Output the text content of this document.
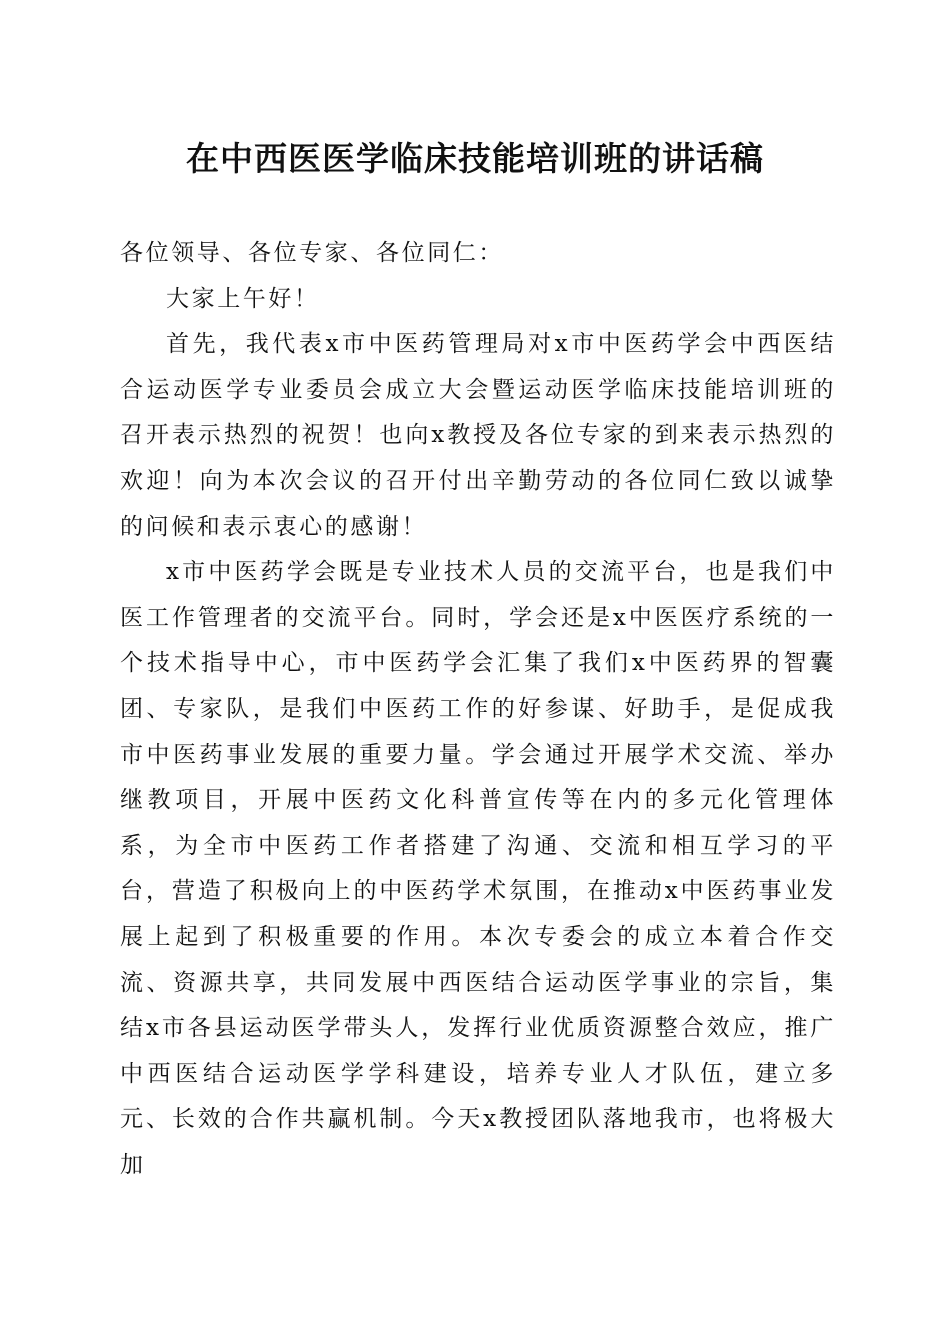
在中西医医学临床技能培训班的讲话稿

各位领导、各位专家、各位同仁：

大家上午好！

首先，我代表x市中医药管理局对x市中医药学会中西医结合运动医学专业委员会成立大会暨运动医学临床技能培训班的召开表示热烈的祝贺！也向x教授及各位专家的到来表示热烈的欢迎！向为本次会议的召开付出辛勤劳动的各位同仁致以诚挚的问候和表示衷心的感谢！

x市中医药学会既是专业技术人员的交流平台，也是我们中医工作管理者的交流平台。同时，学会还是x中医医疗系统的一个技术指导中心，市中医药学会汇集了我们x中医药界的智囊团、专家队，是我们中医药工作的好参谋、好助手，是促成我市中医药事业发展的重要力量。学会通过开展学术交流、举办继教项目，开展中医药文化科普宣传等在内的多元化管理体系，为全市中医药工作者搭建了沟通、交流和相互学习的平台，营造了积极向上的中医药学术氛围，在推动x中医药事业发展上起到了积极重要的作用。本次专委会的成立本着合作交流、资源共享，共同发展中西医结合运动医学事业的宗旨，集结x市各县运动医学带头人，发挥行业优质资源整合效应，推广中西医结合运动医学学科建设，培养专业人才队伍，建立多元、长效的合作共赢机制。今天x教授团队落地我市，也将极大加
